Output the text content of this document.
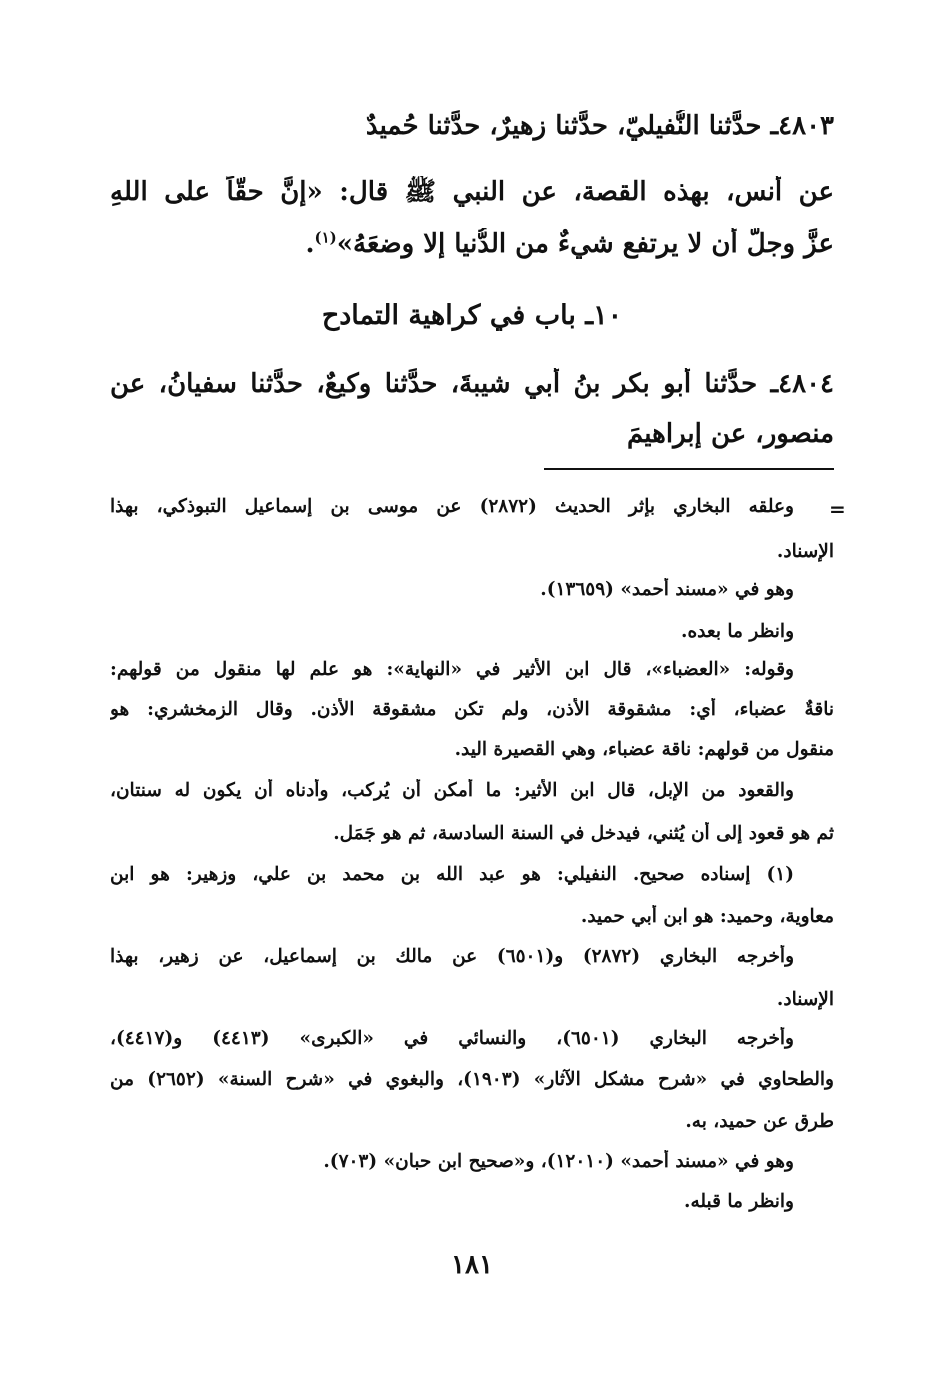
٤٨٠٣ـ حدَّثنا النُّفيليّ، حدَّثنا زهيرٌ، حدَّثنا حُميدٌ

عن أنس، بهذه القصة، عن النبي ﷺ قال: «إنَّ حقّاً على اللهِ

عزَّ وجلَّ أن لا يرتفع شيءٌ من الدُّنيا إلا وضعَهُ»$^{(١)}$.

١٠ـ باب في كراهية التمادح

٤٨٠٤ـ حدَّثنا أبو بكر بنُ أبي شيبةَ، حدَّثنا وكيعٌ، حدَّثنا سفيانُ، عن

منصور، عن إبراهيمَ

=

وعلقه البخاري بإثر الحديث (٢٨٧٢) عن موسى بن إسماعيل التبوذكي، بهذا

الإسناد.

وهو في «مسند أحمد» (١٣٦٥٩).

وانظر ما بعده.

وقوله: «العضباء»، قال ابن الأثير في «النهاية»: هو علم لها منقول من قولهم:

ناقةٌ عضباء، أي: مشقوقة الأذن، ولم تكن مشقوقة الأذن. وقال الزمخشري: هو

منقول من قولهم: ناقة عضباء، وهي القصيرة اليد.

والقعود من الإبل، قال ابن الأثير: ما أمكن أن يُركب، وأدناه أن يكون له سنتان،

ثم هو قعود إلى أن يُثني، فيدخل في السنة السادسة، ثم هو جَمَل.

(١) إسناده صحيح. النفيلي: هو عبد الله بن محمد بن علي، وزهير: هو ابن

معاوية، وحميد: هو ابن أبي حميد.

وأخرجه البخاري (٢٨٧٢) و(٦٥٠١) عن مالك بن إسماعيل، عن زهير، بهذا

الإسناد.

وأخرجه البخاري (٦٥٠١)، والنسائي في «الكبرى» (٤٤١٣) و(٤٤١٧)،

والطحاوي في «شرح مشكل الآثار» (١٩٠٣)، والبغوي في «شرح السنة» (٢٦٥٢) من

طرق عن حميد، به.

وهو في «مسند أحمد» (١٢٠١٠)، و«صحيح ابن حبان» (٧٠٣).

وانظر ما قبله.

١٨١
